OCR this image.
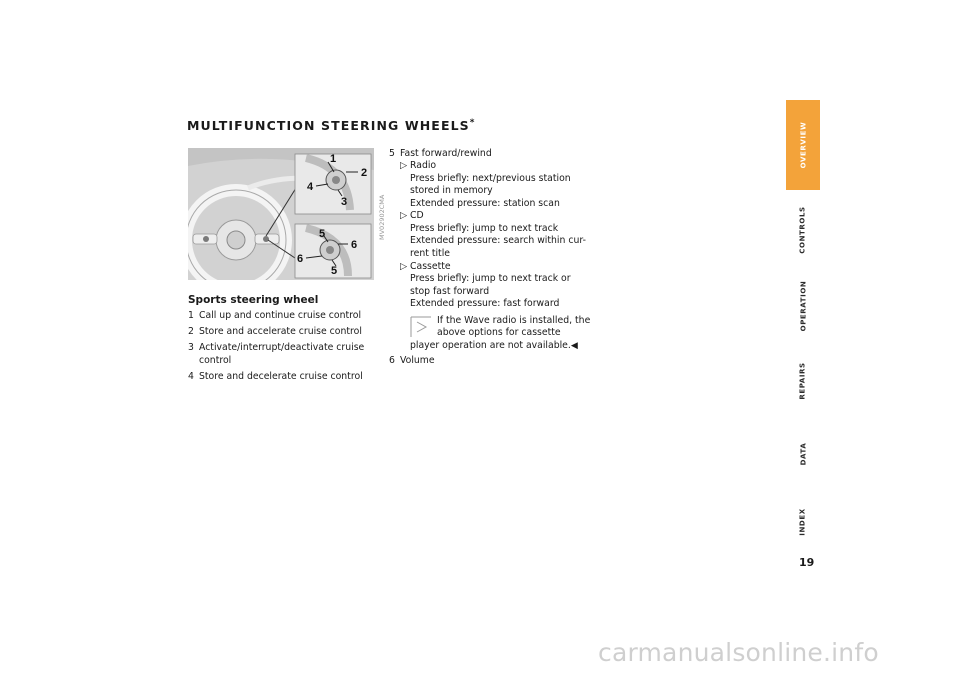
MULTIFUNCTION STEERING WHEELS*
1
2
3
4
5
6
6
5
MV02902CMA
Sports steering wheel
1 Call up and continue cruise control
2 Store and accelerate cruise control
3 Activate/interrupt/deactivate cruise
control
4 Store and decelerate cruise control
5 Fast forward/rewind
▷ Radio
Press briefly: next/previous station
stored in memory
Extended pressure: station scan
▷ CD
Press briefly: jump to next track
Extended pressure: search within cur-
rent title
▷ Cassette
Press briefly: jump to next track or
stop fast forward
Extended pressure: fast forward
If the Wave radio is installed, the
above options for cassette
player operation are not available.◀
6 Volume
OVERVIEW
CONTROLS
OPERATION
REPAIRS
DATA
INDEX
19
carmanualsonline.info
